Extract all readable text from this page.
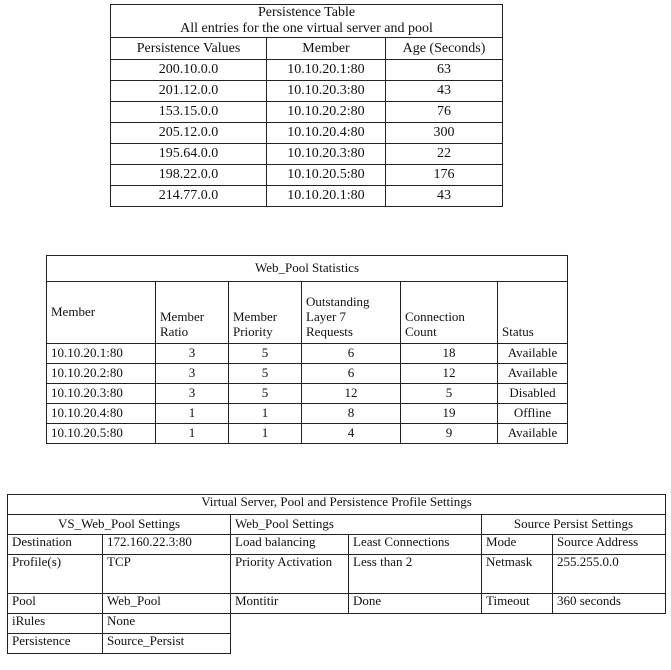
Persistence Table
All entries for the one virtual server and pool		

Persistence Values	Member	Age (Seconds)
200.10.0.0	10.10.20.1:80	63
201.12.0.0	10.10.20.3:80	43
153.15.0.0	10.10.20.2:80	76
205.12.0.0	10.10.20.4:80	300
195.64.0.0	10.10.20.3:80	22
198.22.0.0	10.10.20.5:80	176
214.77.0.0	10.10.20.1:80	43
Web_Pool Statistics					
Member	Member Ratio	Member Priority	Outstanding Layer 7 Requests	Connection Count	Status
10.10.20.1:80	3	5	6	18	Available
10.10.20.2:80	3	5	6	12	Available
10.10.20.3:80	3	5	12	5	Disabled
10.10.20.4:80	1	1	8	19	Offline
10.10.20.5:80	1	1	4	9	Available
Virtual Server, Pool and Persistence Profile Settings					
VS_Web_Pool Settings		Web_Pool Settings		Source Persist Settings	
Destination	172.160.22.3:80	Load balancing	Least Connections	Mode	Source Address
Profile(s)	TCP	Priority Activation	Less than 2	Netmask	255.255.0.0
Pool	Web_Pool	Montitir	Done	Timeout	360 seconds
iRules	None				
Persistence	Source_Persist				
